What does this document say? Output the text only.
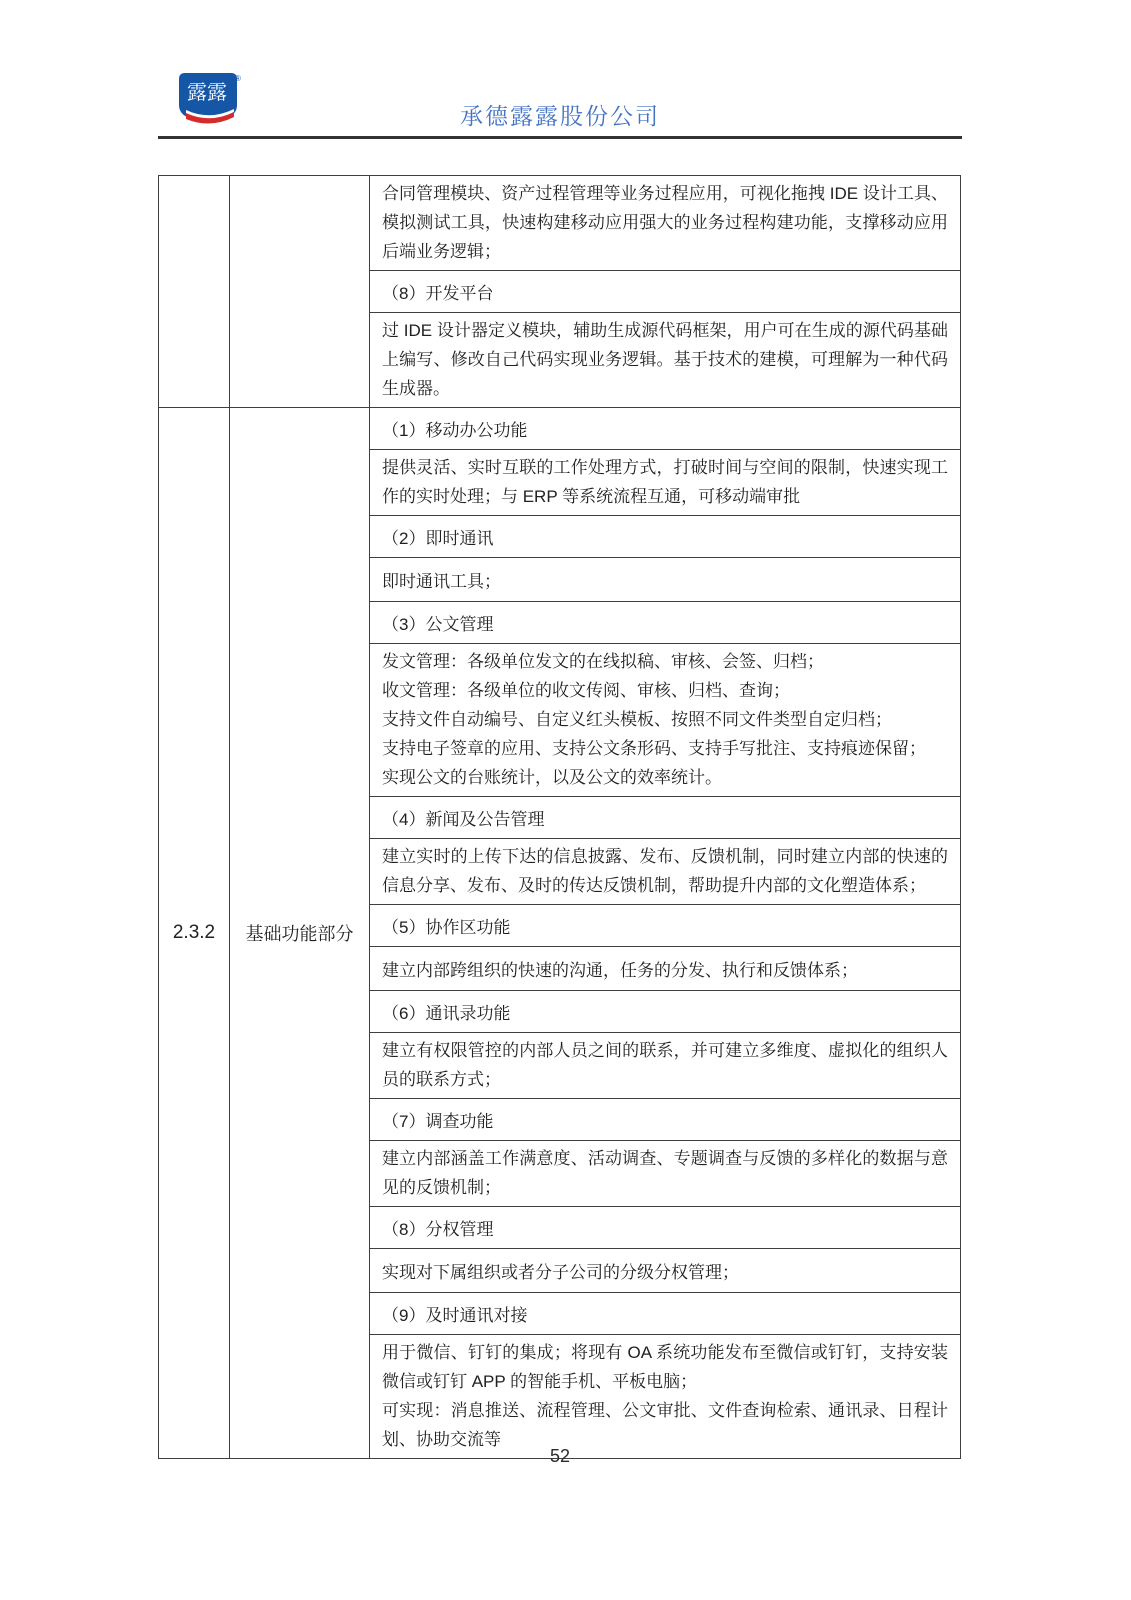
露露
®
承德露露股份公司
合同管理模块、资产过程管理等业务过程应用，可视化拖拽 IDE 设计工具、模拟测试工具，快速构建移动应用强大的业务过程构建功能，支撑移动应用后端业务逻辑；
（8）开发平台
过 IDE 设计器定义模块，辅助生成源代码框架，用户可在生成的源代码基础上编写、修改自己代码实现业务逻辑。基于技术的建模，可理解为一种代码生成器。
2.3.2	基础功能部分
（1）移动办公功能
提供灵活、实时互联的工作处理方式，打破时间与空间的限制，快速实现工作的实时处理；与 ERP 等系统流程互通，可移动端审批
（2）即时通讯
即时通讯工具；
（3）公文管理
发文管理：各级单位发文的在线拟稿、审核、会签、归档；
收文管理：各级单位的收文传阅、审核、归档、查询；
支持文件自动编号、自定义红头模板、按照不同文件类型自定归档；
支持电子签章的应用、支持公文条形码、支持手写批注、支持痕迹保留；
实现公文的台账统计，以及公文的效率统计。
（4）新闻及公告管理
建立实时的上传下达的信息披露、发布、反馈机制，同时建立内部的快速的信息分享、发布、及时的传达反馈机制，帮助提升内部的文化塑造体系；
（5）协作区功能
建立内部跨组织的快速的沟通，任务的分发、执行和反馈体系；
（6）通讯录功能
建立有权限管控的内部人员之间的联系，并可建立多维度、虚拟化的组织人员的联系方式；
（7）调查功能
建立内部涵盖工作满意度、活动调查、专题调查与反馈的多样化的数据与意见的反馈机制；
（8）分权管理
实现对下属组织或者分子公司的分级分权管理；
（9）及时通讯对接
用于微信、钉钉的集成；将现有 OA 系统功能发布至微信或钉钉，支持安装微信或钉钉 APP 的智能手机、平板电脑；
可实现：消息推送、流程管理、公文审批、文件查询检索、通讯录、日程计划、协助交流等
52
